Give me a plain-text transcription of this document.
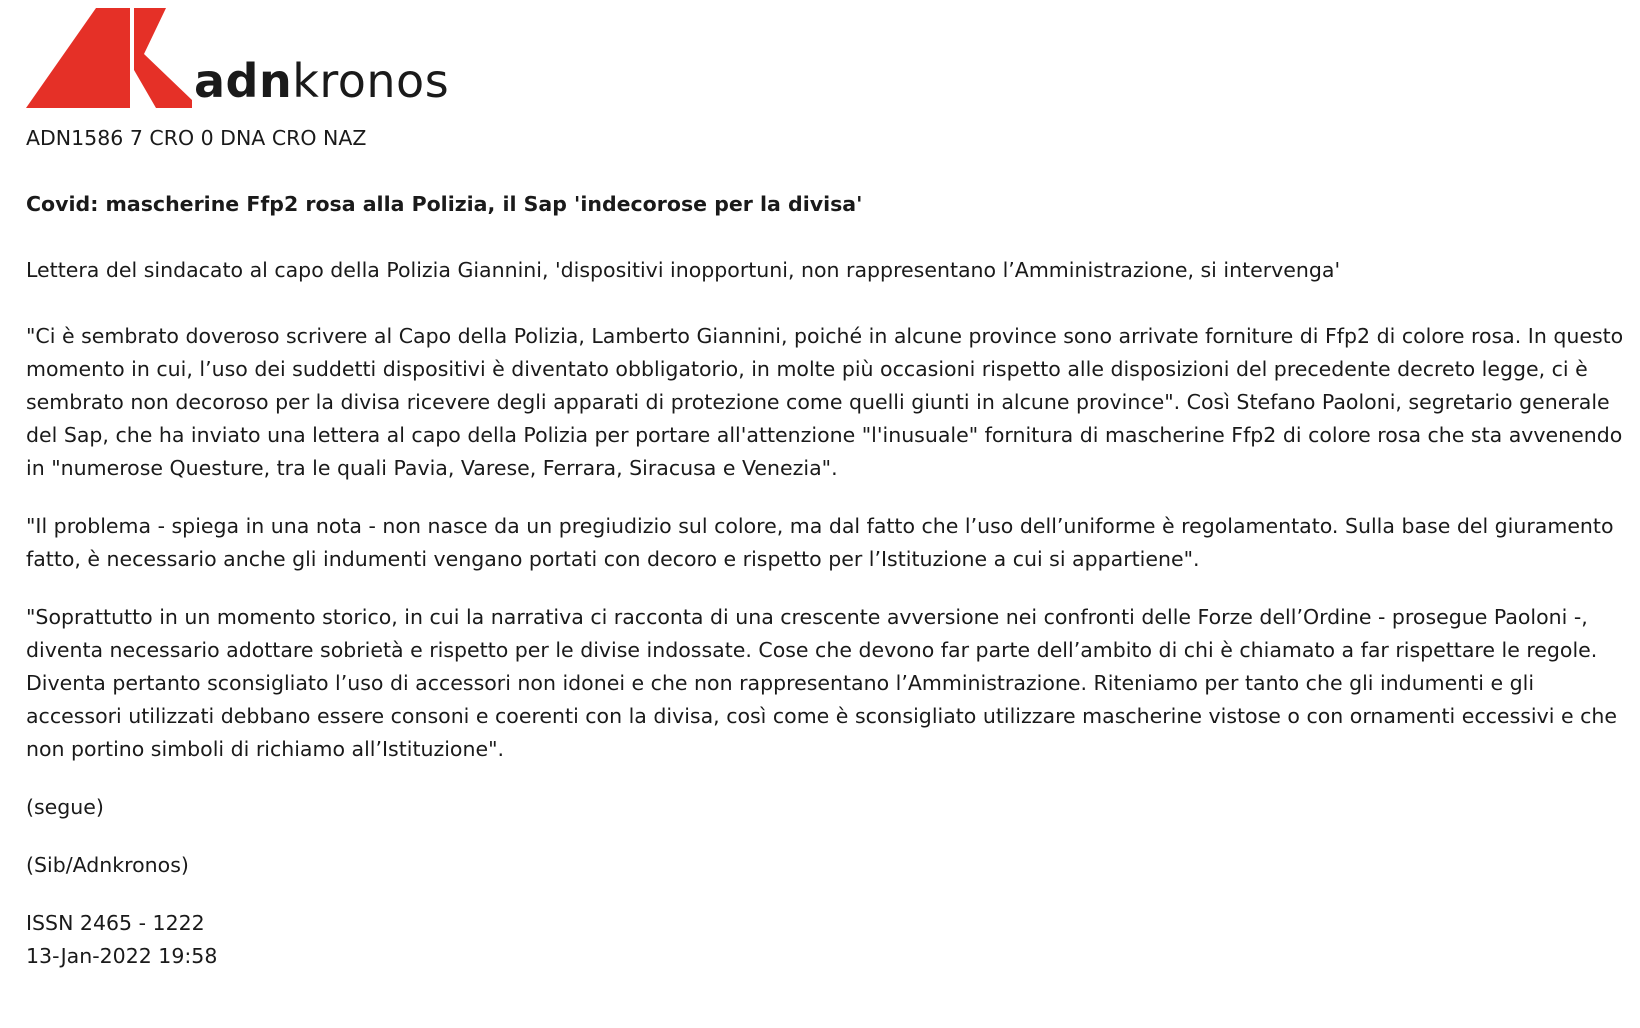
adnkronos

ADN1586 7 CRO 0 DNA CRO NAZ

Covid: mascherine Ffp2 rosa alla Polizia, il Sap 'indecorose per la divisa'

Lettera del sindacato al capo della Polizia Giannini, 'dispositivi inopportuni, non rappresentano l’Amministrazione, si intervenga'

"Ci è sembrato doveroso scrivere al Capo della Polizia, Lamberto Giannini, poiché in alcune province sono arrivate forniture di Ffp2 di colore rosa. In questo momento in cui, l’uso dei suddetti dispositivi è diventato obbligatorio, in molte più occasioni rispetto alle disposizioni del precedente decreto legge, ci è sembrato non decoroso per la divisa ricevere degli apparati di protezione come quelli giunti in alcune province". Così Stefano Paoloni, segretario generale del Sap, che ha inviato una lettera al capo della Polizia per portare all'attenzione "l'inusuale" fornitura di mascherine Ffp2 di colore rosa che sta avvenendo in "numerose Questure, tra le quali Pavia, Varese, Ferrara, Siracusa e Venezia".

"Il problema - spiega in una nota - non nasce da un pregiudizio sul colore, ma dal fatto che l’uso dell’uniforme è regolamentato. Sulla base del giuramento fatto, è necessario anche gli indumenti vengano portati con decoro e rispetto per l’Istituzione a cui si appartiene".

"Soprattutto in un momento storico, in cui la narrativa ci racconta di una crescente avversione nei confronti delle Forze dell’Ordine - prosegue Paoloni -, diventa necessario adottare sobrietà e rispetto per le divise indossate. Cose che devono far parte dell’ambito di chi è chiamato a far rispettare le regole. Diventa pertanto sconsigliato l’uso di accessori non idonei e che non rappresentano l’Amministrazione. Riteniamo per tanto che gli indumenti e gli accessori utilizzati debbano essere consoni e coerenti con la divisa, così come è sconsigliato utilizzare mascherine vistose o con ornamenti eccessivi e che non portino simboli di richiamo all’Istituzione".

(segue)

(Sib/Adnkronos)

ISSN 2465 - 1222

13-Jan-2022 19:58
